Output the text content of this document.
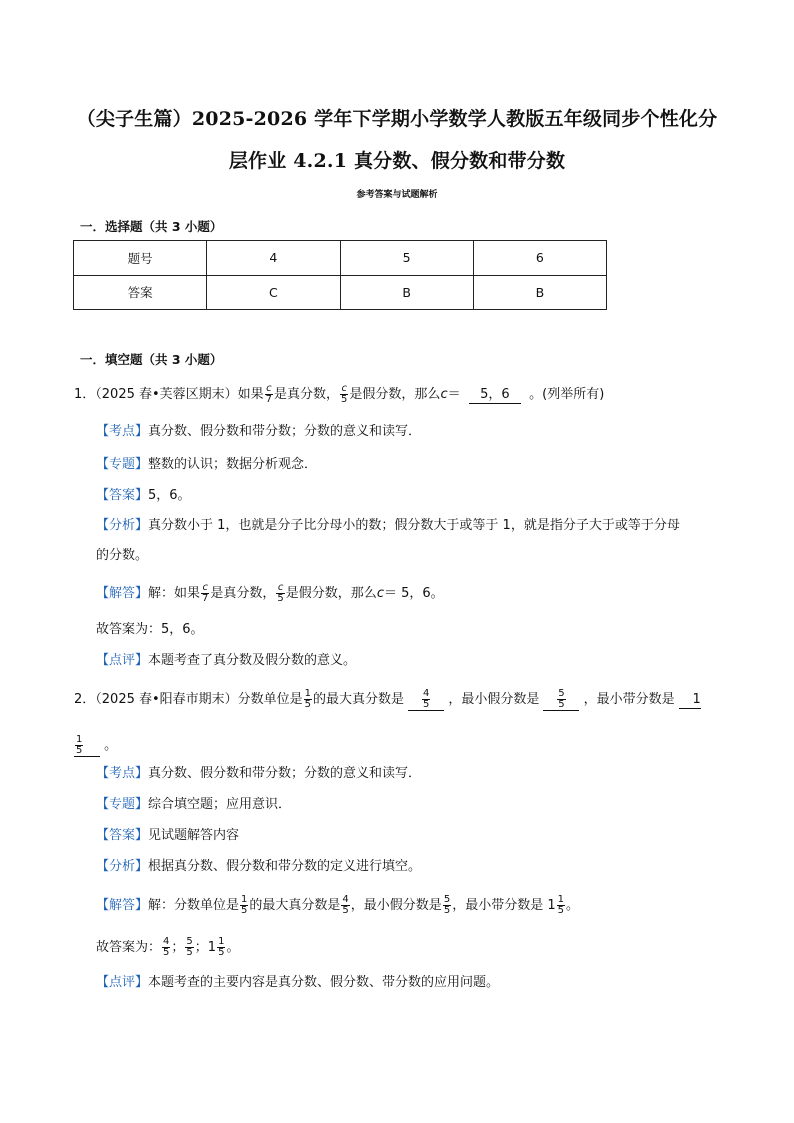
（尖子生篇）2025-2026 学年下学期小学数学人教版五年级同步个性化分
层作业 4.2.1 真分数、假分数和带分数
参考答案与试题解析
一．选择题（共 3 小题）
题号	4	5	6
答案	C	B	B
一．填空题（共 3 小题）
1．（2025 春•芙蓉区期末）如果 $\frac{c}{7}$ 是真分数， $\frac{c}{5}$ 是假分数，那么c＝  5，6 。(列举所有)
【考点】真分数、假分数和带分数；分数的意义和读写．
【专题】整数的认识；数据分析观念．
【答案】5，6。
【分析】真分数小于 1，也就是分子比分母小的数；假分数大于或等于 1，就是指分子大于或等于分母
的分数。
【解答】解：如果 $\frac{c}{7}$ 是真分数， $\frac{c}{5}$ 是假分数，那么c＝ 5，6。
故答案为：5，6。
【点评】本题考查了真分数及假分数的意义。
2．（2025 春•阳春市期末）分数单位是 $\frac{1}{5}$ 的最大真分数是 $\frac{4}{5}$ ，最小假分数是 $\frac{5}{5}$ ，最小带分数是 1
$\frac{1}{5}$ 。
【考点】真分数、假分数和带分数；分数的意义和读写．
【专题】综合填空题；应用意识．
【答案】见试题解答内容
【分析】根据真分数、假分数和带分数的定义进行填空。
【解答】解：分数单位是 $\frac{1}{5}$ 的最大真分数是 $\frac{4}{5}$ ，最小假分数是 $\frac{5}{5}$ ，最小带分数是 $1 \frac{1}{5}$ 。
故答案为： $\frac{4}{5}$ ； $\frac{5}{5}$ ；$1 \frac{1}{5}$ 。
【点评】本题考查的主要内容是真分数、假分数、带分数的应用问题。
